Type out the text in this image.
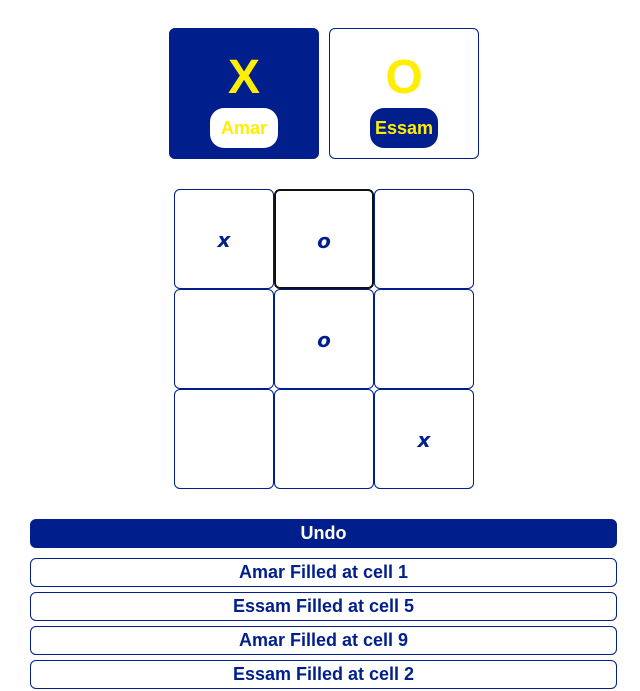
X
Amar
O
Essam
x	o
o
x
Undo
Amar Filled at cell 1
Essam Filled at cell 5
Amar Filled at cell 9
Essam Filled at cell 2
